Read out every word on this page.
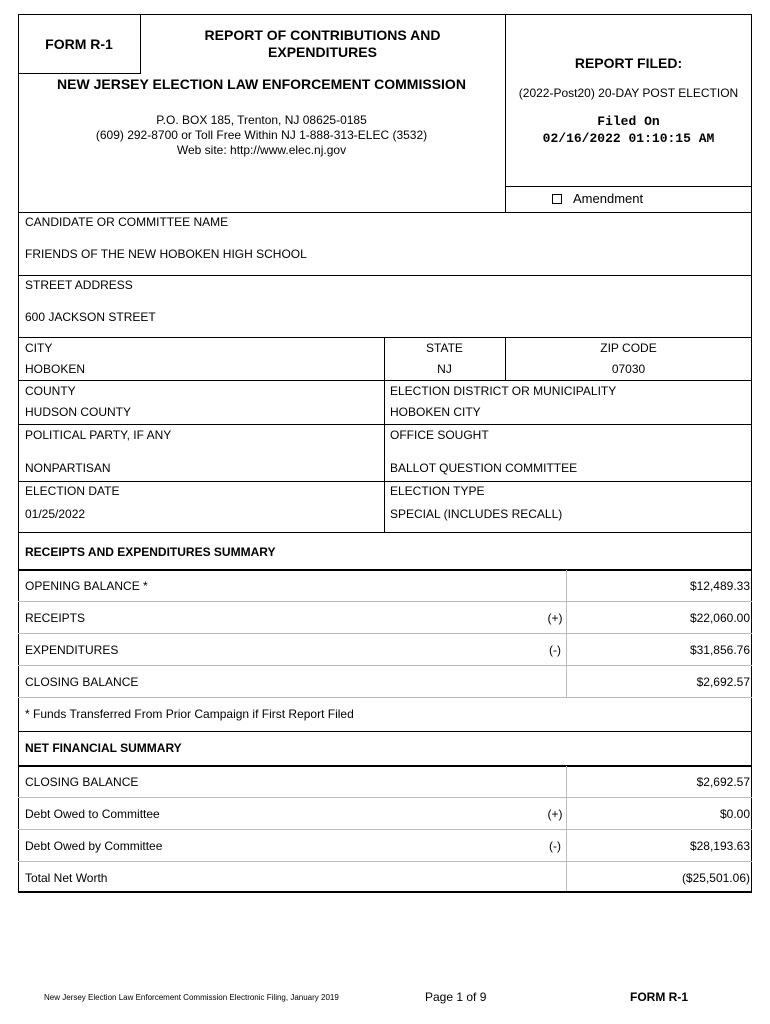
FORM R-1
REPORT OF CONTRIBUTIONS AND
EXPENDITURES
NEW JERSEY ELECTION LAW ENFORCEMENT COMMISSION
P.O. BOX 185, Trenton, NJ 08625-0185
(609) 292-8700 or Toll Free Within NJ 1-888-313-ELEC (3532)
Web site: http://www.elec.nj.gov
REPORT FILED:
(2022-Post20) 20-DAY POST ELECTION
Filed On
02/16/2022 01:10:15 AM
Amendment
CANDIDATE OR COMMITTEE NAME
FRIENDS OF THE NEW HOBOKEN HIGH SCHOOL
STREET ADDRESS
600 JACKSON STREET
CITY
HOBOKEN
STATE
NJ
ZIP CODE
07030
COUNTY
HUDSON COUNTY
ELECTION DISTRICT OR MUNICIPALITY
HOBOKEN CITY
POLITICAL PARTY, IF ANY
NONPARTISAN
OFFICE SOUGHT
BALLOT QUESTION COMMITTEE
ELECTION DATE
01/25/2022
ELECTION TYPE
SPECIAL (INCLUDES RECALL)
RECEIPTS AND EXPENDITURES SUMMARY
OPENING BALANCE *	$12,489.33
RECEIPTS	(+)	$22,060.00
EXPENDITURES	(-)	$31,856.76
CLOSING BALANCE	$2,692.57
* Funds Transferred From Prior Campaign if First Report Filed
NET FINANCIAL SUMMARY
CLOSING BALANCE	$2,692.57
Debt Owed to Committee	(+)	$0.00
Debt Owed by Committee	(-)	$28,193.63
Total Net Worth	($25,501.06)
New Jersey Election Law Enforcement Commission Electronic Filing, January 2019	Page 1 of 9	FORM R-1
